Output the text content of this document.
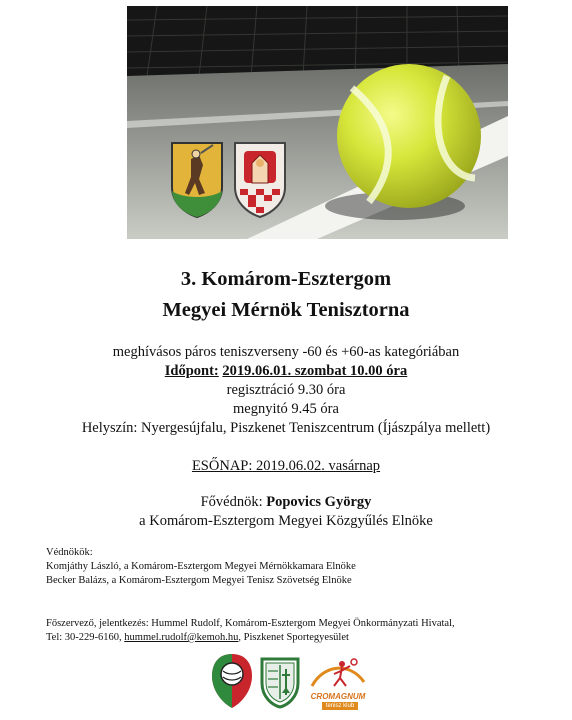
3. Komárom-Esztergom
Megyei Mérnök Tenisztorna
meghívásos páros teniszverseny -60 és +60-as kategóriában
Időpont: 2019.06.01. szombat 10.00 óra
regisztráció 9.30 óra
megnyitó 9.45 óra
Helyszín: Nyergesújfalu, Piszkenet Teniszcentrum (Íjászpálya mellett)
ESŐNAP: 2019.06.02. vasárnap
Fővédnök: Popovics György
a Komárom-Esztergom Megyei Közgyűlés Elnöke
Védnökök:
Komjáthy László, a Komárom-Esztergom Megyei Mérnökkamara Elnöke
Becker Balázs, a Komárom-Esztergom Megyei Tenisz Szövetség Elnöke
Főszervező, jelentkezés: Hummel Rudolf, Komárom-Esztergom Megyei Önkormányzati Hivatal,
Tel: 30-229-6160, hummel.rudolf@kemoh.hu, Piszkenet Sportegyesület
CROMAGNUM
tenisz klub
